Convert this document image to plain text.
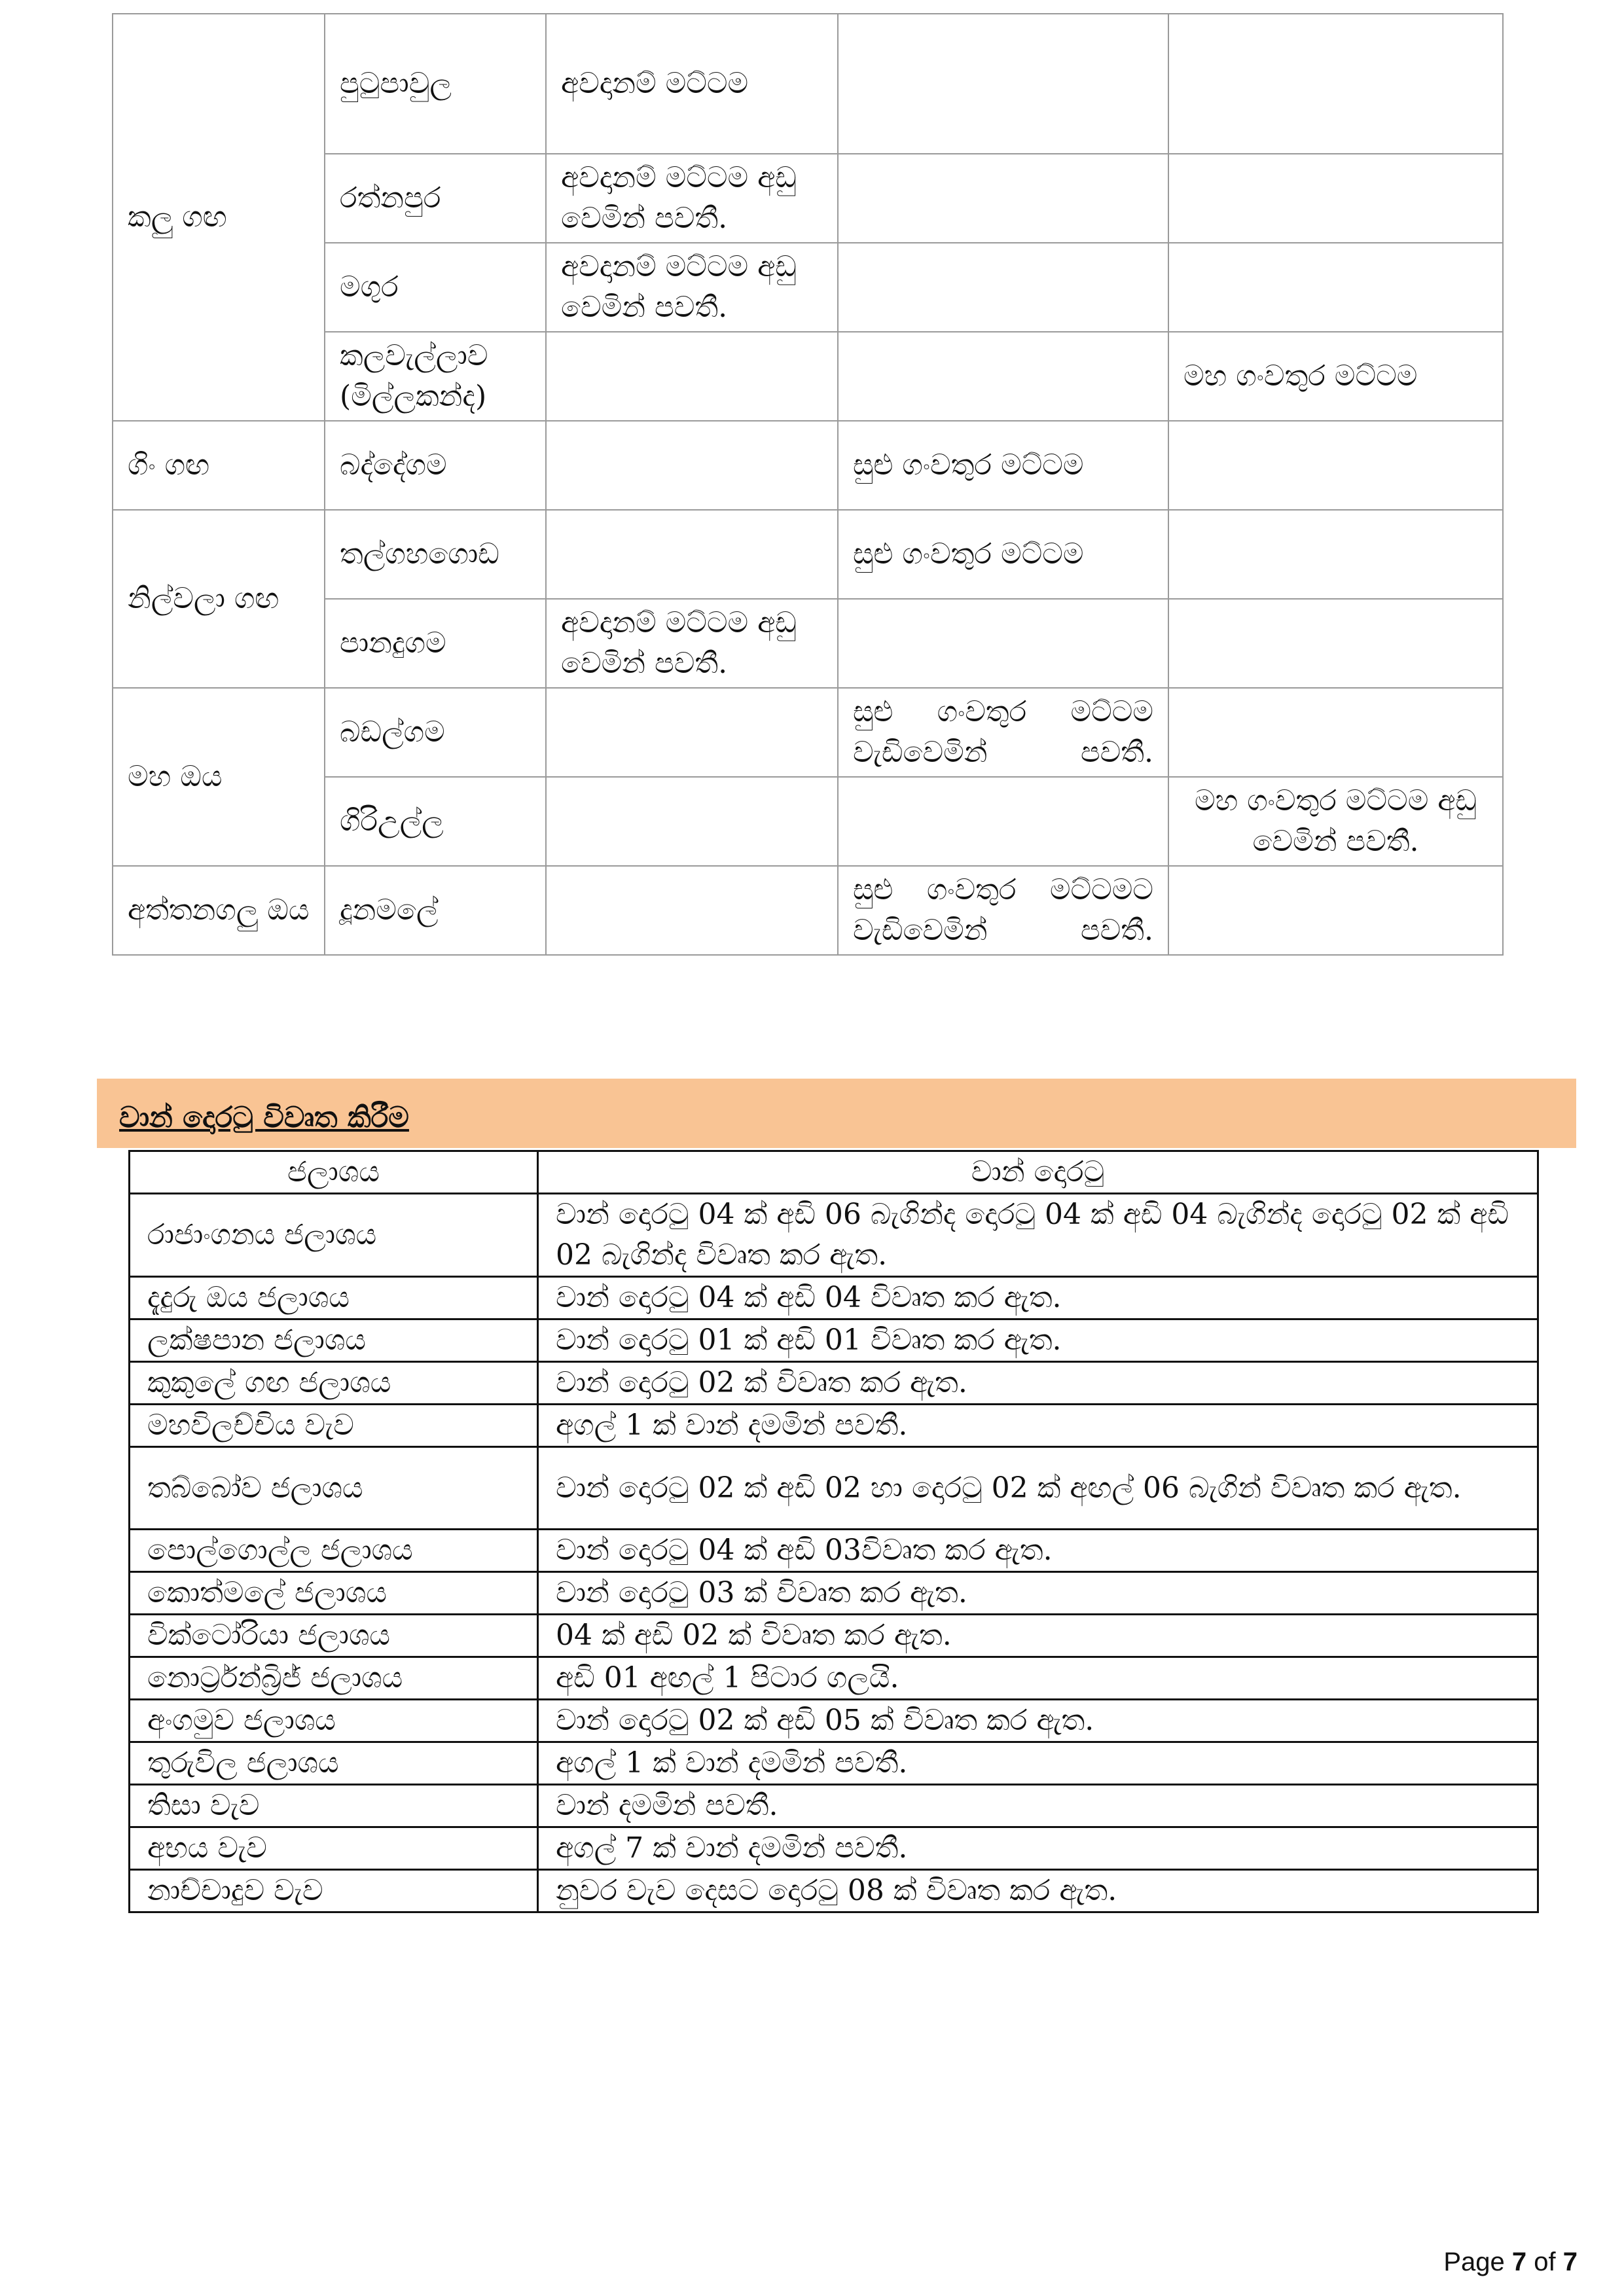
කලු ගඟ	පුටුපාවුල	අවදානම් මට්ටම		
	රත්නපුර	අවදානම් මට්ටම අඩු වෙමින් පවතී.		
	මගුර	අවදානම් මට්ටම අඩු වෙමින් පවතී.		
	කලවැල්ලාව (මිල්ලකන්ද)			මහ ගංවතුර මට්ටම
ගිං ගඟ	බද්දේගම		සුළු ගංවතුර මට්ටම	
නිල්වලා ගඟ	තල්ගහගොඩ		සුළු ගංවතුර මට්ටම	
	පානදුගම	අවදානම් මට්ටම අඩු වෙමින් පවතී.		
මහ ඔය	බඩල්ගම		සුළු ගංවතුර මට්ටම වැඩිවෙමින් පවතී.	
	ගිරිඋල්ල			මහ ගංවතුර මට්ටම අඩු වෙමින් පවතී.
අත්තනගලු ඔය	දූනමලේ		සුළු ගංවතුර මට්ටමට වැඩිවෙමින් පවතී.	
වාන් දොරටු විවෘත කිරීම
ජලාශය	වාන් දොරටු
රාජාංගනය ජලාශය	වාන් දොරටු 04 ක් අඩි 06 බැගින්ද දොරටු 04 ක් අඩි 04 බැගින්ද දොරටු 02 ක් අඩි 02 බැගින්ද විවෘත කර ඇත.
දැදුරු ඔය ජලාශය	වාන් දොරටු 04 ක් අඩි 04 විවෘත කර ඇත.
ලක්ෂපාන ජලාශය	වාන් දොරටු 01 ක් අඩි 01 විවෘත කර ඇත.
කුකුලේ ගඟ ජලාශය	වාන් දොරටු 02 ක් විවෘත කර ඇත.
මහවිලච්චිය වැව	අගල් 1 ක් වාන් දමමින් පවතී.
තබ්බෝව ජලාශය	වාන් දොරටු 02 ක් අඩි 02 හා දොරටු 02 ක් අඟල් 06 බැගින් විවෘත කර ඇත.
පොල්ගොල්ල ජලාශය	වාන් දොරටු 04 ක් අඩි 03විවෘත කර ඇත.
කොත්මලේ ජලාශය	වාන් දොරටු 03 ක් විවෘත කර ඇත.
වික්ටෝරියා ජලාශය	04 ක් අඩි 02 ක් විවෘත කර ඇත.
නොර්ට්‍රන්බ්‍රිජ් ජලාශය	අඩි 01 අඟල් 1 පිටාර ගලයි.
අංගමුව ජලාශය	වාන් දොරටු 02 ක් අඩි 05 ක් විවෘත කර ඇත.
තුරුවිල ජලාශය	අගල් 1 ක් වාන් දමමින් පවතී.
තිසා වැව	වාන් දමමින් පවතී.
අභය වැව	අගල් 7 ක් වාන් දමමින් පවතී.
නාච්චාදුව වැව	නුවර වැව දෙසට දොරටු 08 ක් විවෘත කර ඇත.
Page 7 of 7
